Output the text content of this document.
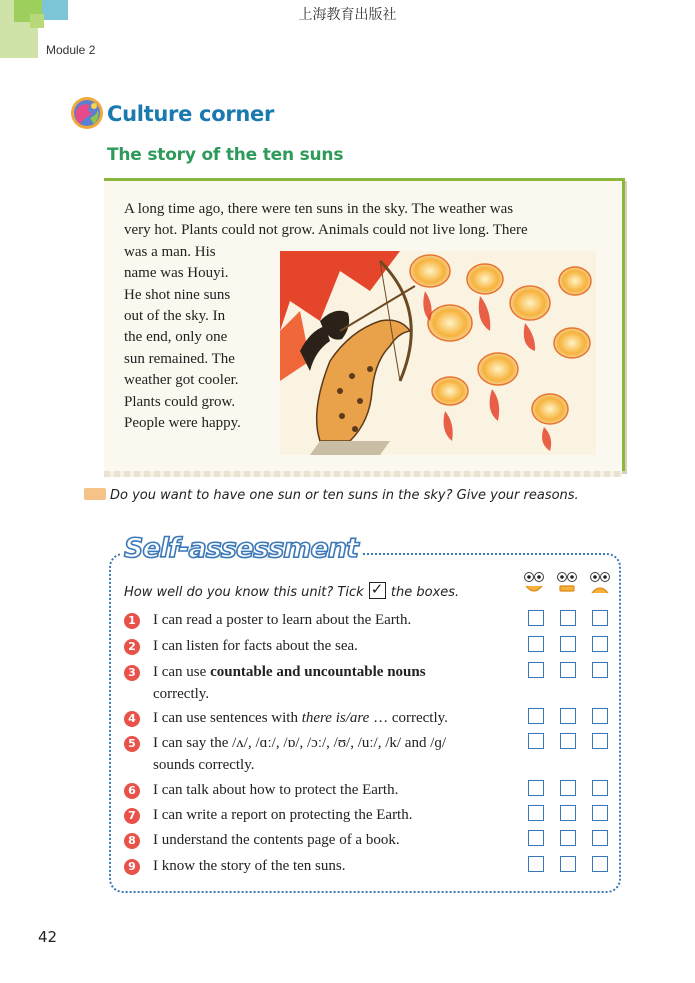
上海教育出版社
Module 2
Culture corner
The story of the ten suns
A long time ago, there were ten suns in the sky. The weather was
very hot. Plants could not grow. Animals could not live long. There
was a man. His
name was Houyi.
He shot nine suns
out of the sky. In
the end, only one
sun remained. The
weather got cooler.
Plants could grow.
People were happy.
Do you want to have one sun or ten suns in the sky? Give your reasons.
Self-assessment
How well do you know this unit? Tick ✓ the boxes.
1 I can read a poster to learn about the Earth.
2 I can listen for facts about the sea.
3 I can use countable and uncountable nouns
correctly.
4 I can use sentences with there is/are … correctly.
5 I can say the /ʌ/, /ɑː/, /ɒ/, /ɔː/, /ʊ/, /uː/, /k/ and /ɡ/
sounds correctly.
6 I can talk about how to protect the Earth.
7 I can write a report on protecting the Earth.
8 I understand the contents page of a book.
9 I know the story of the ten suns.
42
